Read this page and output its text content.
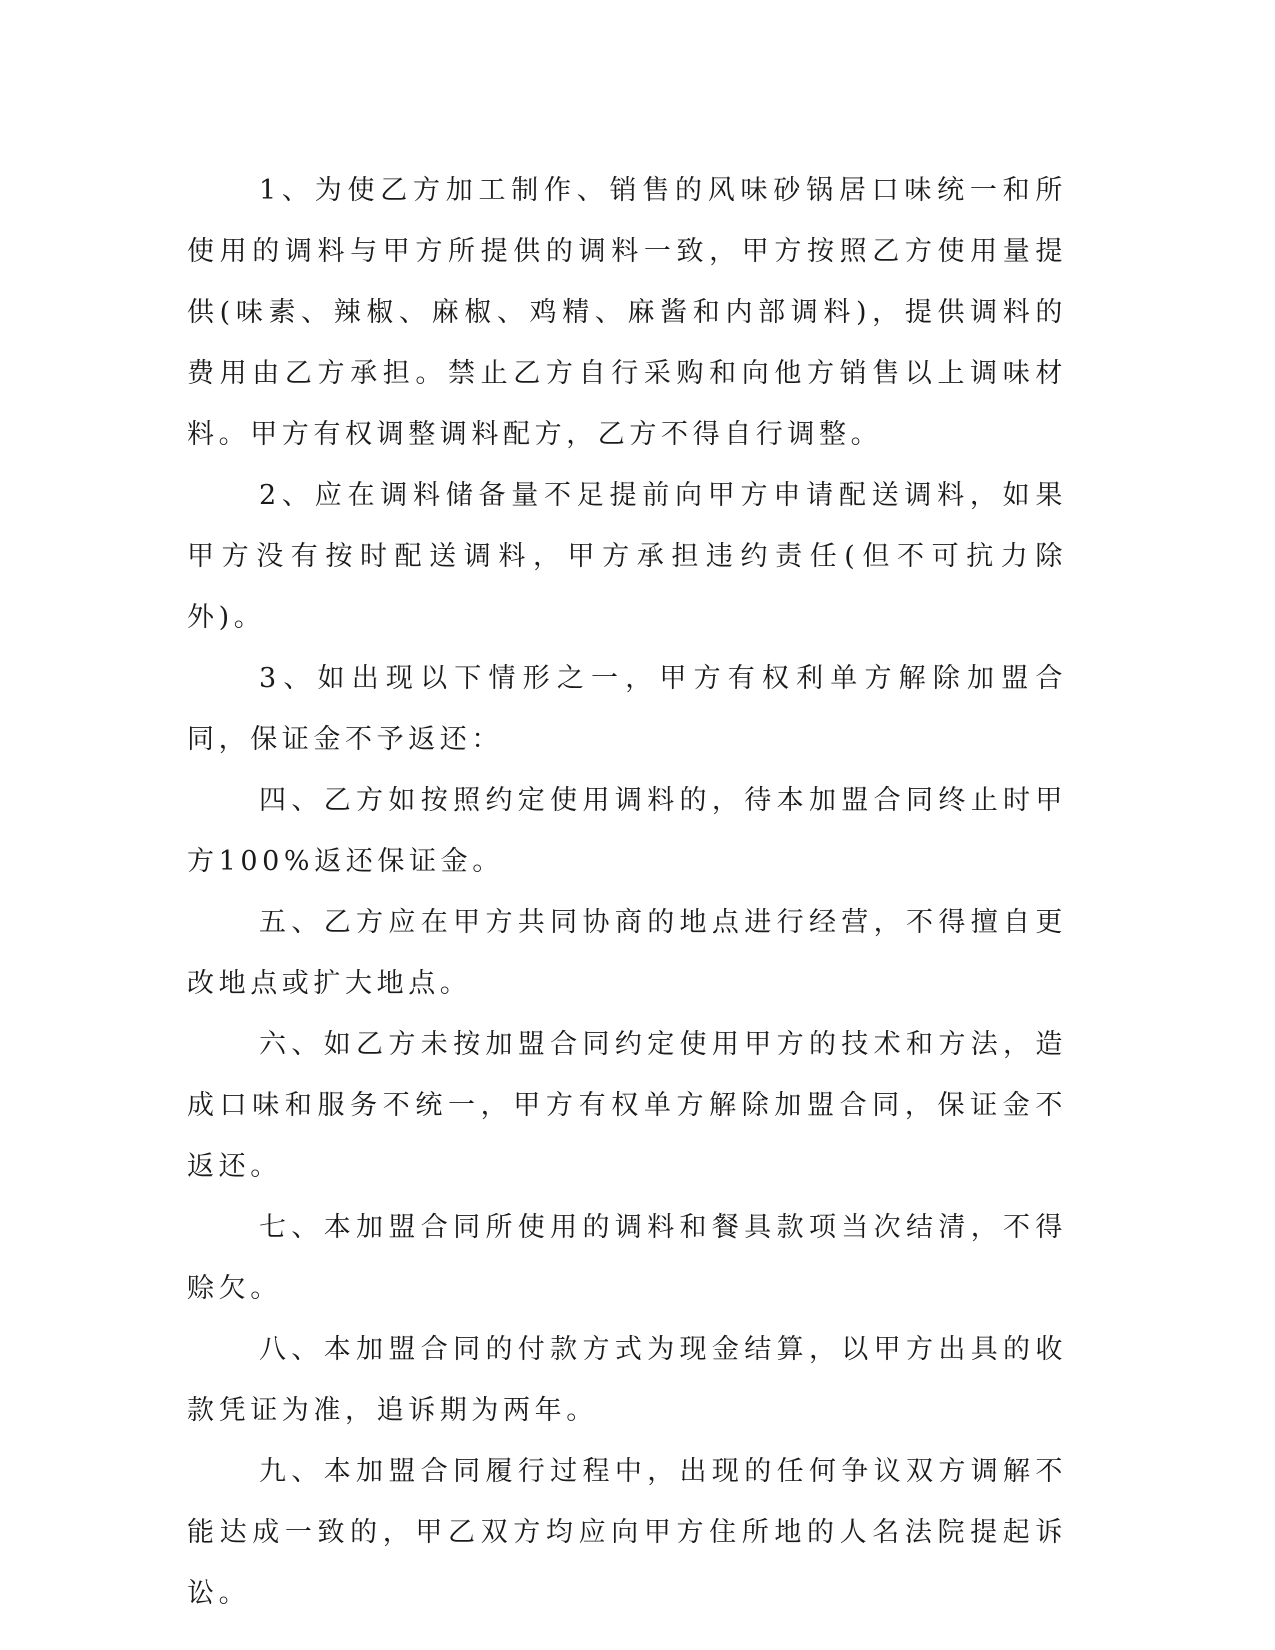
1、为使乙方加工制作、销售的风味砂锅居口味统一和所使用的调料与甲方所提供的调料一致，甲方按照乙方使用量提供(味素、辣椒、麻椒、鸡精、麻酱和内部调料)，提供调料的费用由乙方承担。禁止乙方自行采购和向他方销售以上调味材料。甲方有权调整调料配方，乙方不得自行调整。

2、应在调料储备量不足提前向甲方申请配送调料，如果甲方没有按时配送调料，甲方承担违约责任(但不可抗力除外)。

3、如出现以下情形之一，甲方有权利单方解除加盟合同，保证金不予返还：

四、乙方如按照约定使用调料的，待本加盟合同终止时甲方100%返还保证金。

五、乙方应在甲方共同协商的地点进行经营，不得擅自更改地点或扩大地点。

六、如乙方未按加盟合同约定使用甲方的技术和方法，造成口味和服务不统一，甲方有权单方解除加盟合同，保证金不返还。

七、本加盟合同所使用的调料和餐具款项当次结清，不得赊欠。

八、本加盟合同的付款方式为现金结算，以甲方出具的收款凭证为准，追诉期为两年。

九、本加盟合同履行过程中，出现的任何争议双方调解不能达成一致的，甲乙双方均应向甲方住所地的人名法院提起诉讼。
